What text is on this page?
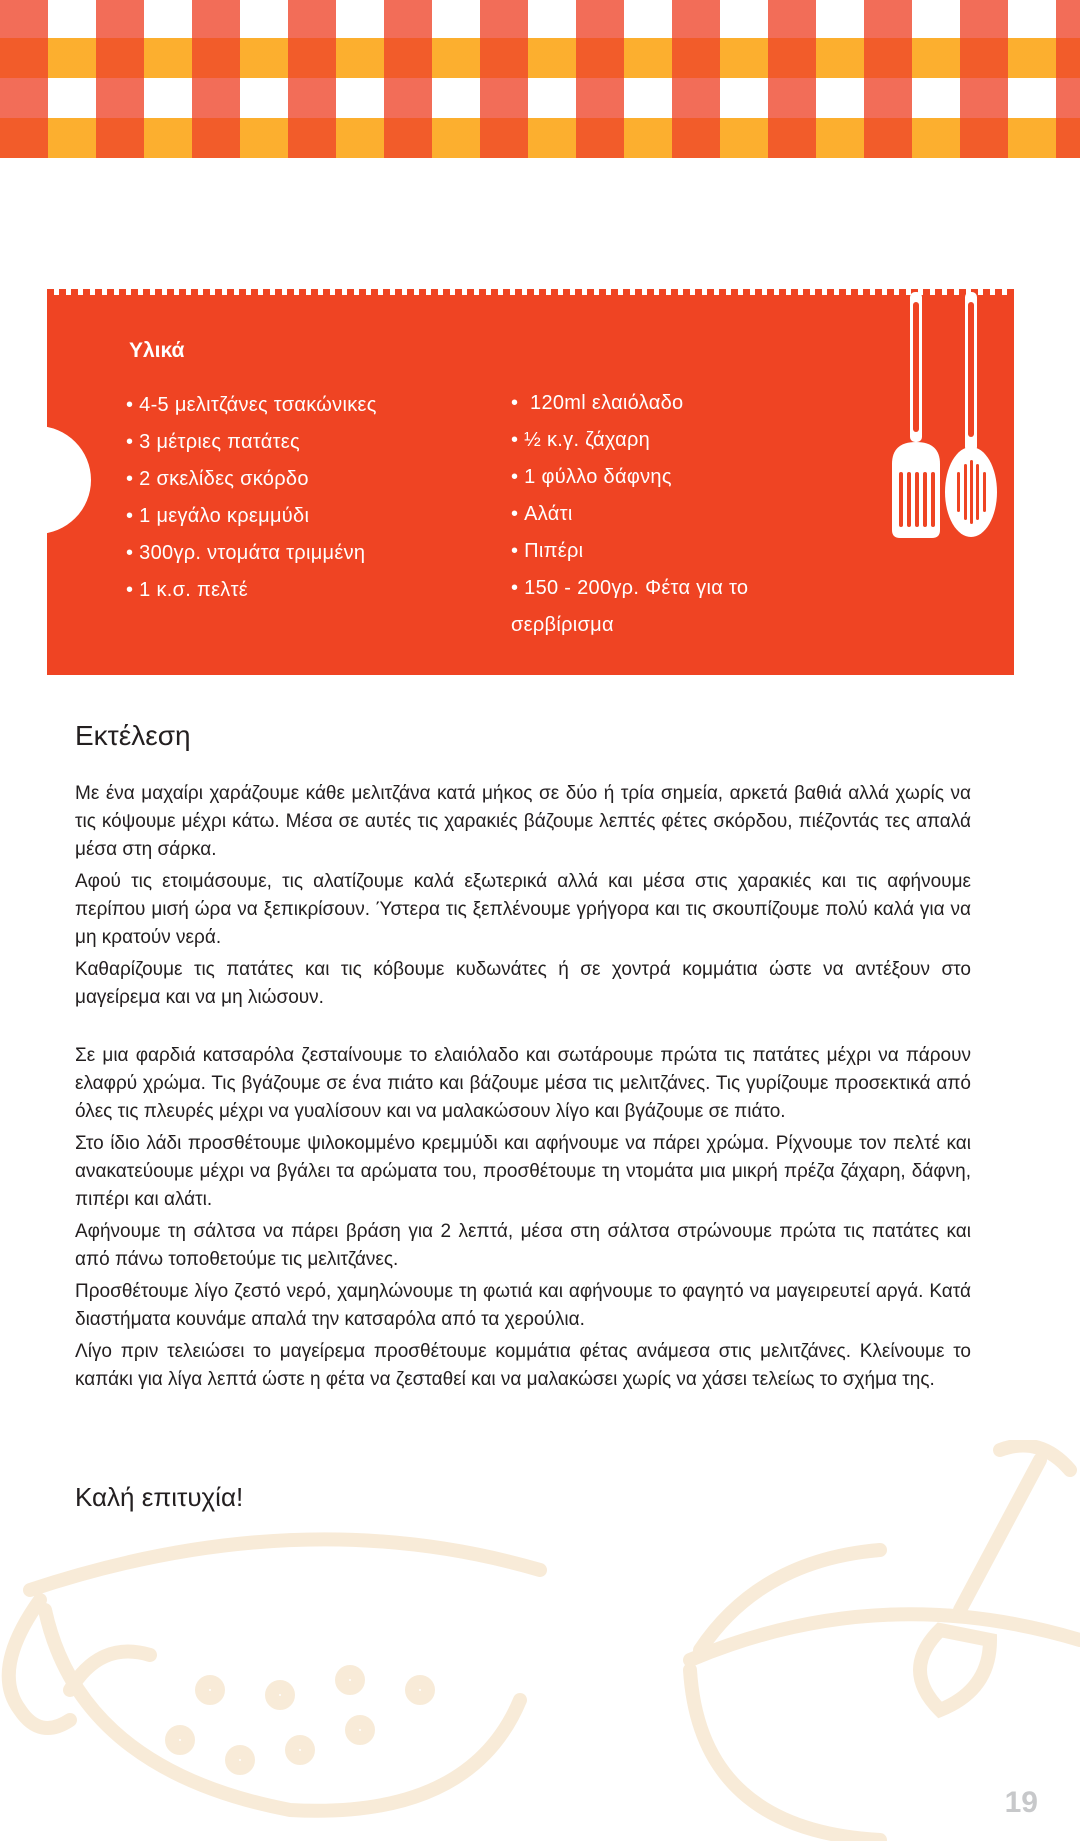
Υλικά
• 4-5 μελιτζάνες τσακώνικες
• 3 μέτριες πατάτες
• 2 σκελίδες σκόρδο
• 1 μεγάλο κρεμμύδι
• 300γρ. ντομάτα τριμμένη
• 1 κ.σ. πελτέ
•  120ml ελαιόλαδο
• ½ κ.γ. ζάχαρη
• 1 φύλλο δάφνης
• Αλάτι
• Πιπέρι
• 150 - 200γρ. Φέτα για το σερβίρισμα
Εκτέλεση

Με ένα μαχαίρι χαράζουμε κάθε μελιτζάνα κατά μήκος σε δύο ή τρία σημεία, αρκετά βαθιά αλλά χωρίς να τις κόψουμε μέχρι κάτω. Μέσα σε αυτές τις χαρακιές βάζουμε λεπτές φέτες σκόρδου, πιέζοντάς τες απαλά μέσα στη σάρκα.

Αφού τις ετοιμάσουμε, τις αλατίζουμε καλά εξωτερικά αλλά και μέσα στις χαρακιές και τις αφήνουμε περίπου μισή ώρα να ξεπικρίσουν. Ύστερα τις ξεπλένουμε γρήγορα και τις σκουπίζουμε πολύ καλά για να μη κρατούν νερά.

Καθαρίζουμε τις πατάτες και τις κόβουμε κυδωνάτες ή σε χοντρά κομμάτια ώστε να αντέξουν στο μαγείρεμα και να μη λιώσουν.

Σε μια φαρδιά κατσαρόλα ζεσταίνουμε το ελαιόλαδο και σωτάρουμε πρώτα τις πατάτες μέχρι να πάρουν ελαφρύ χρώμα. Τις βγάζουμε σε ένα πιάτο και βάζουμε μέσα τις μελιτζάνες. Τις γυρίζουμε προσεκτικά από όλες τις πλευρές μέχρι να γυαλίσουν και να μαλακώσουν λίγο και βγάζουμε σε πιάτο.

Στο ίδιο λάδι προσθέτουμε ψιλοκομμένο κρεμμύδι και αφήνουμε να πάρει χρώμα. Ρίχνουμε τον πελτέ και ανακατεύουμε μέχρι να βγάλει τα αρώματα του, προσθέτουμε τη ντομάτα μια μικρή πρέζα ζάχαρη, δάφνη, πιπέρι και αλάτι.

Αφήνουμε τη σάλτσα να πάρει βράση για 2 λεπτά, μέσα στη σάλτσα στρώνουμε πρώτα τις πατάτες και από πάνω τοποθετούμε τις μελιτζάνες.

Προσθέτουμε λίγο ζεστό νερό, χαμηλώνουμε τη φωτιά και αφήνουμε το φαγητό να μαγειρευτεί αργά. Κατά διαστήματα κουνάμε απαλά την κατσαρόλα από τα χερούλια.

Λίγο πριν τελειώσει το μαγείρεμα προσθέτουμε κομμάτια φέτας ανάμεσα στις μελιτζάνες. Κλείνουμε το καπάκι για λίγα λεπτά ώστε η φέτα να ζεσταθεί και να μαλακώσει χωρίς να χάσει τελείως το σχήμα της.

Καλή επιτυχία!

19
